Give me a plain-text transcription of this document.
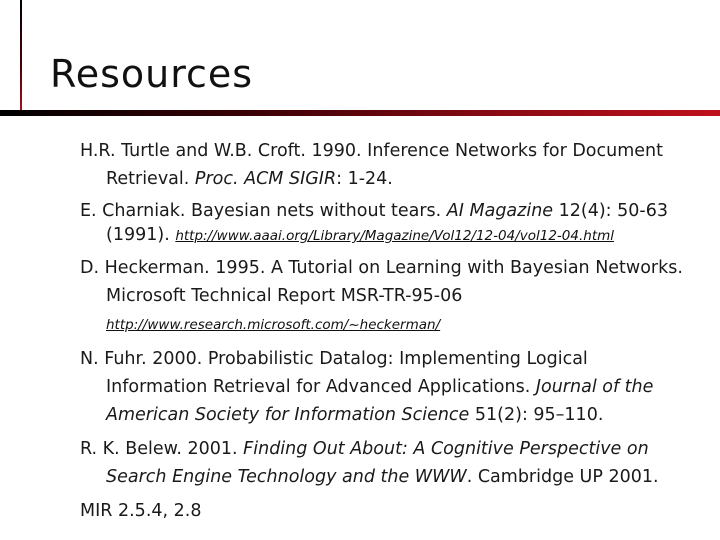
Resources
H.R. Turtle and W.B. Croft. 1990. Inference Networks for Document
Retrieval. Proc. ACM SIGIR: 1-24.
E. Charniak. Bayesian nets without tears. AI Magazine 12(4): 50-63
(1991). http://www.aaai.org/Library/Magazine/Vol12/12-04/vol12-04.html
D. Heckerman. 1995. A Tutorial on Learning with Bayesian Networks.
Microsoft Technical Report MSR-TR-95-06
http://www.research.microsoft.com/~heckerman/
N. Fuhr. 2000. Probabilistic Datalog: Implementing Logical
Information Retrieval for Advanced Applications. Journal of the
American Society for Information Science 51(2): 95–110.
R. K. Belew. 2001. Finding Out About: A Cognitive Perspective on
Search Engine Technology and the WWW. Cambridge UP 2001.
MIR 2.5.4, 2.8
